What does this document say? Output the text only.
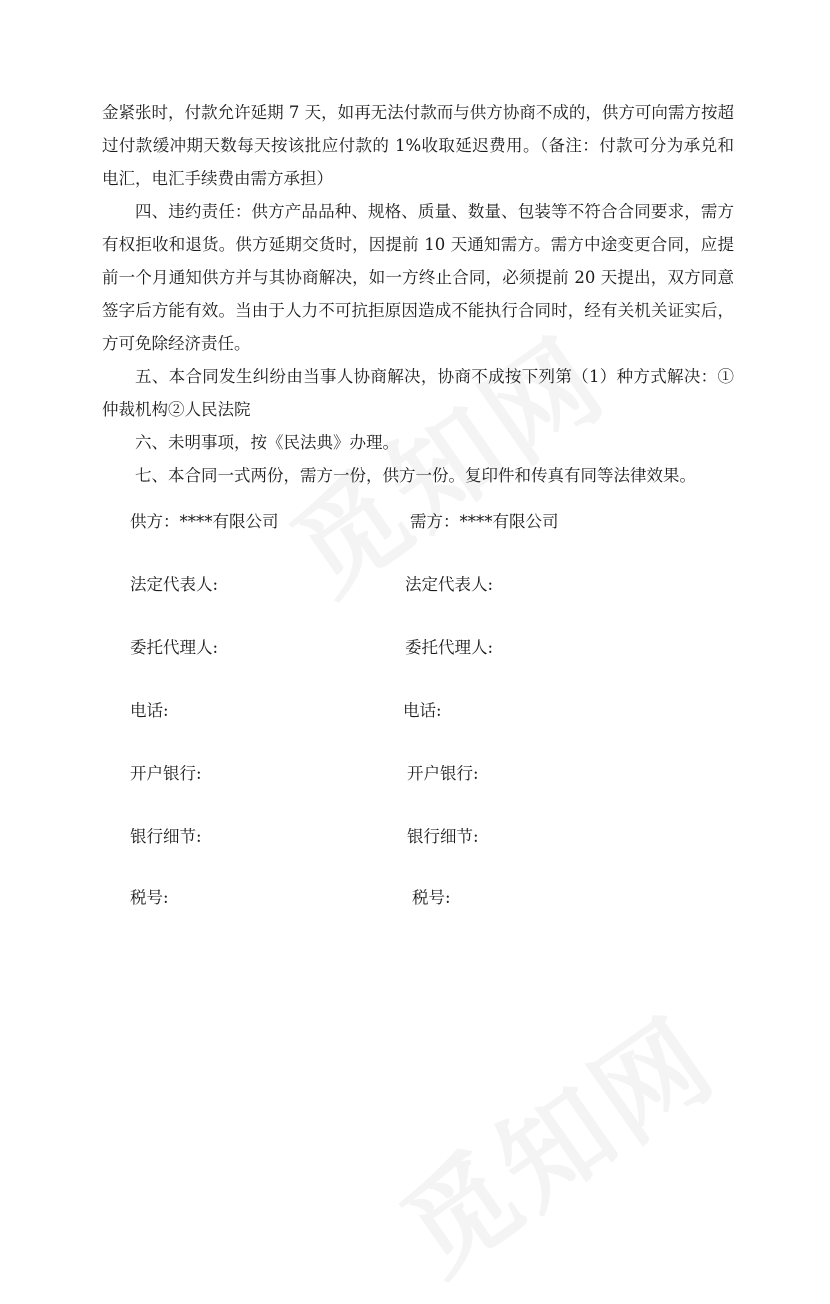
金紧张时，付款允许延期 7 天，如再无法付款而与供方协商不成的，供方可向需方按超过付款缓冲期天数每天按该批应付款的 1%收取延迟费用。（备注：付款可分为承兑和电汇，电汇手续费由需方承担）

四、违约责任：供方产品品种、规格、质量、数量、包装等不符合合同要求，需方有权拒收和退货。供方延期交货时，因提前 10 天通知需方。需方中途变更合同，应提前一个月通知供方并与其协商解决，如一方终止合同，必须提前 20 天提出，双方同意签字后方能有效。当由于人力不可抗拒原因造成不能执行合同时，经有关机关证实后，方可免除经济责任。

五、本合同发生纠纷由当事人协商解决，协商不成按下列第（1）种方式解决：①仲裁机构②人民法院

六、未明事项，按《民法典》办理。

七、本合同一式两份，需方一份，供方一份。复印件和传真有同等法律效果。

供方：****有限公司
法定代表人:
委托代理人:
电话:
开户银行:
银行细节:
税号:
需方：****有限公司
法定代表人:
委托代理人:
电话:
开户银行:
银行细节:
税号:
